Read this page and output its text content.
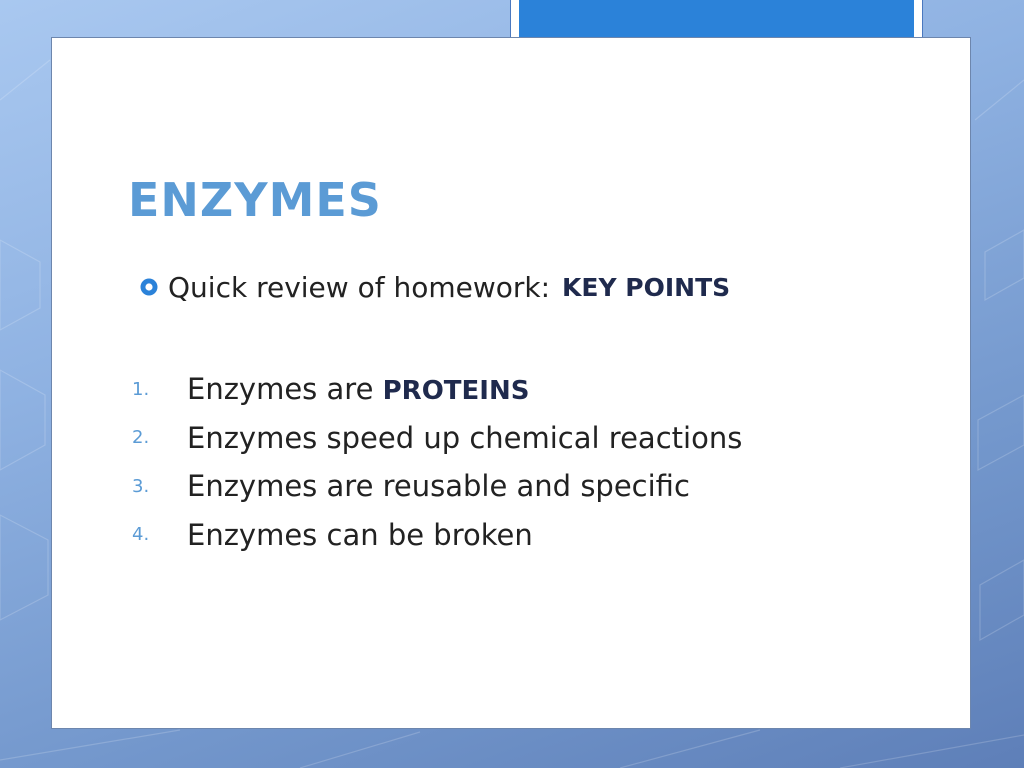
ENZYMES
Quick review of homework: KEY POINTS
1.	Enzymes are PROTEINS
2.	Enzymes speed up chemical reactions
3.	Enzymes are reusable and specific
4.	Enzymes can be broken
